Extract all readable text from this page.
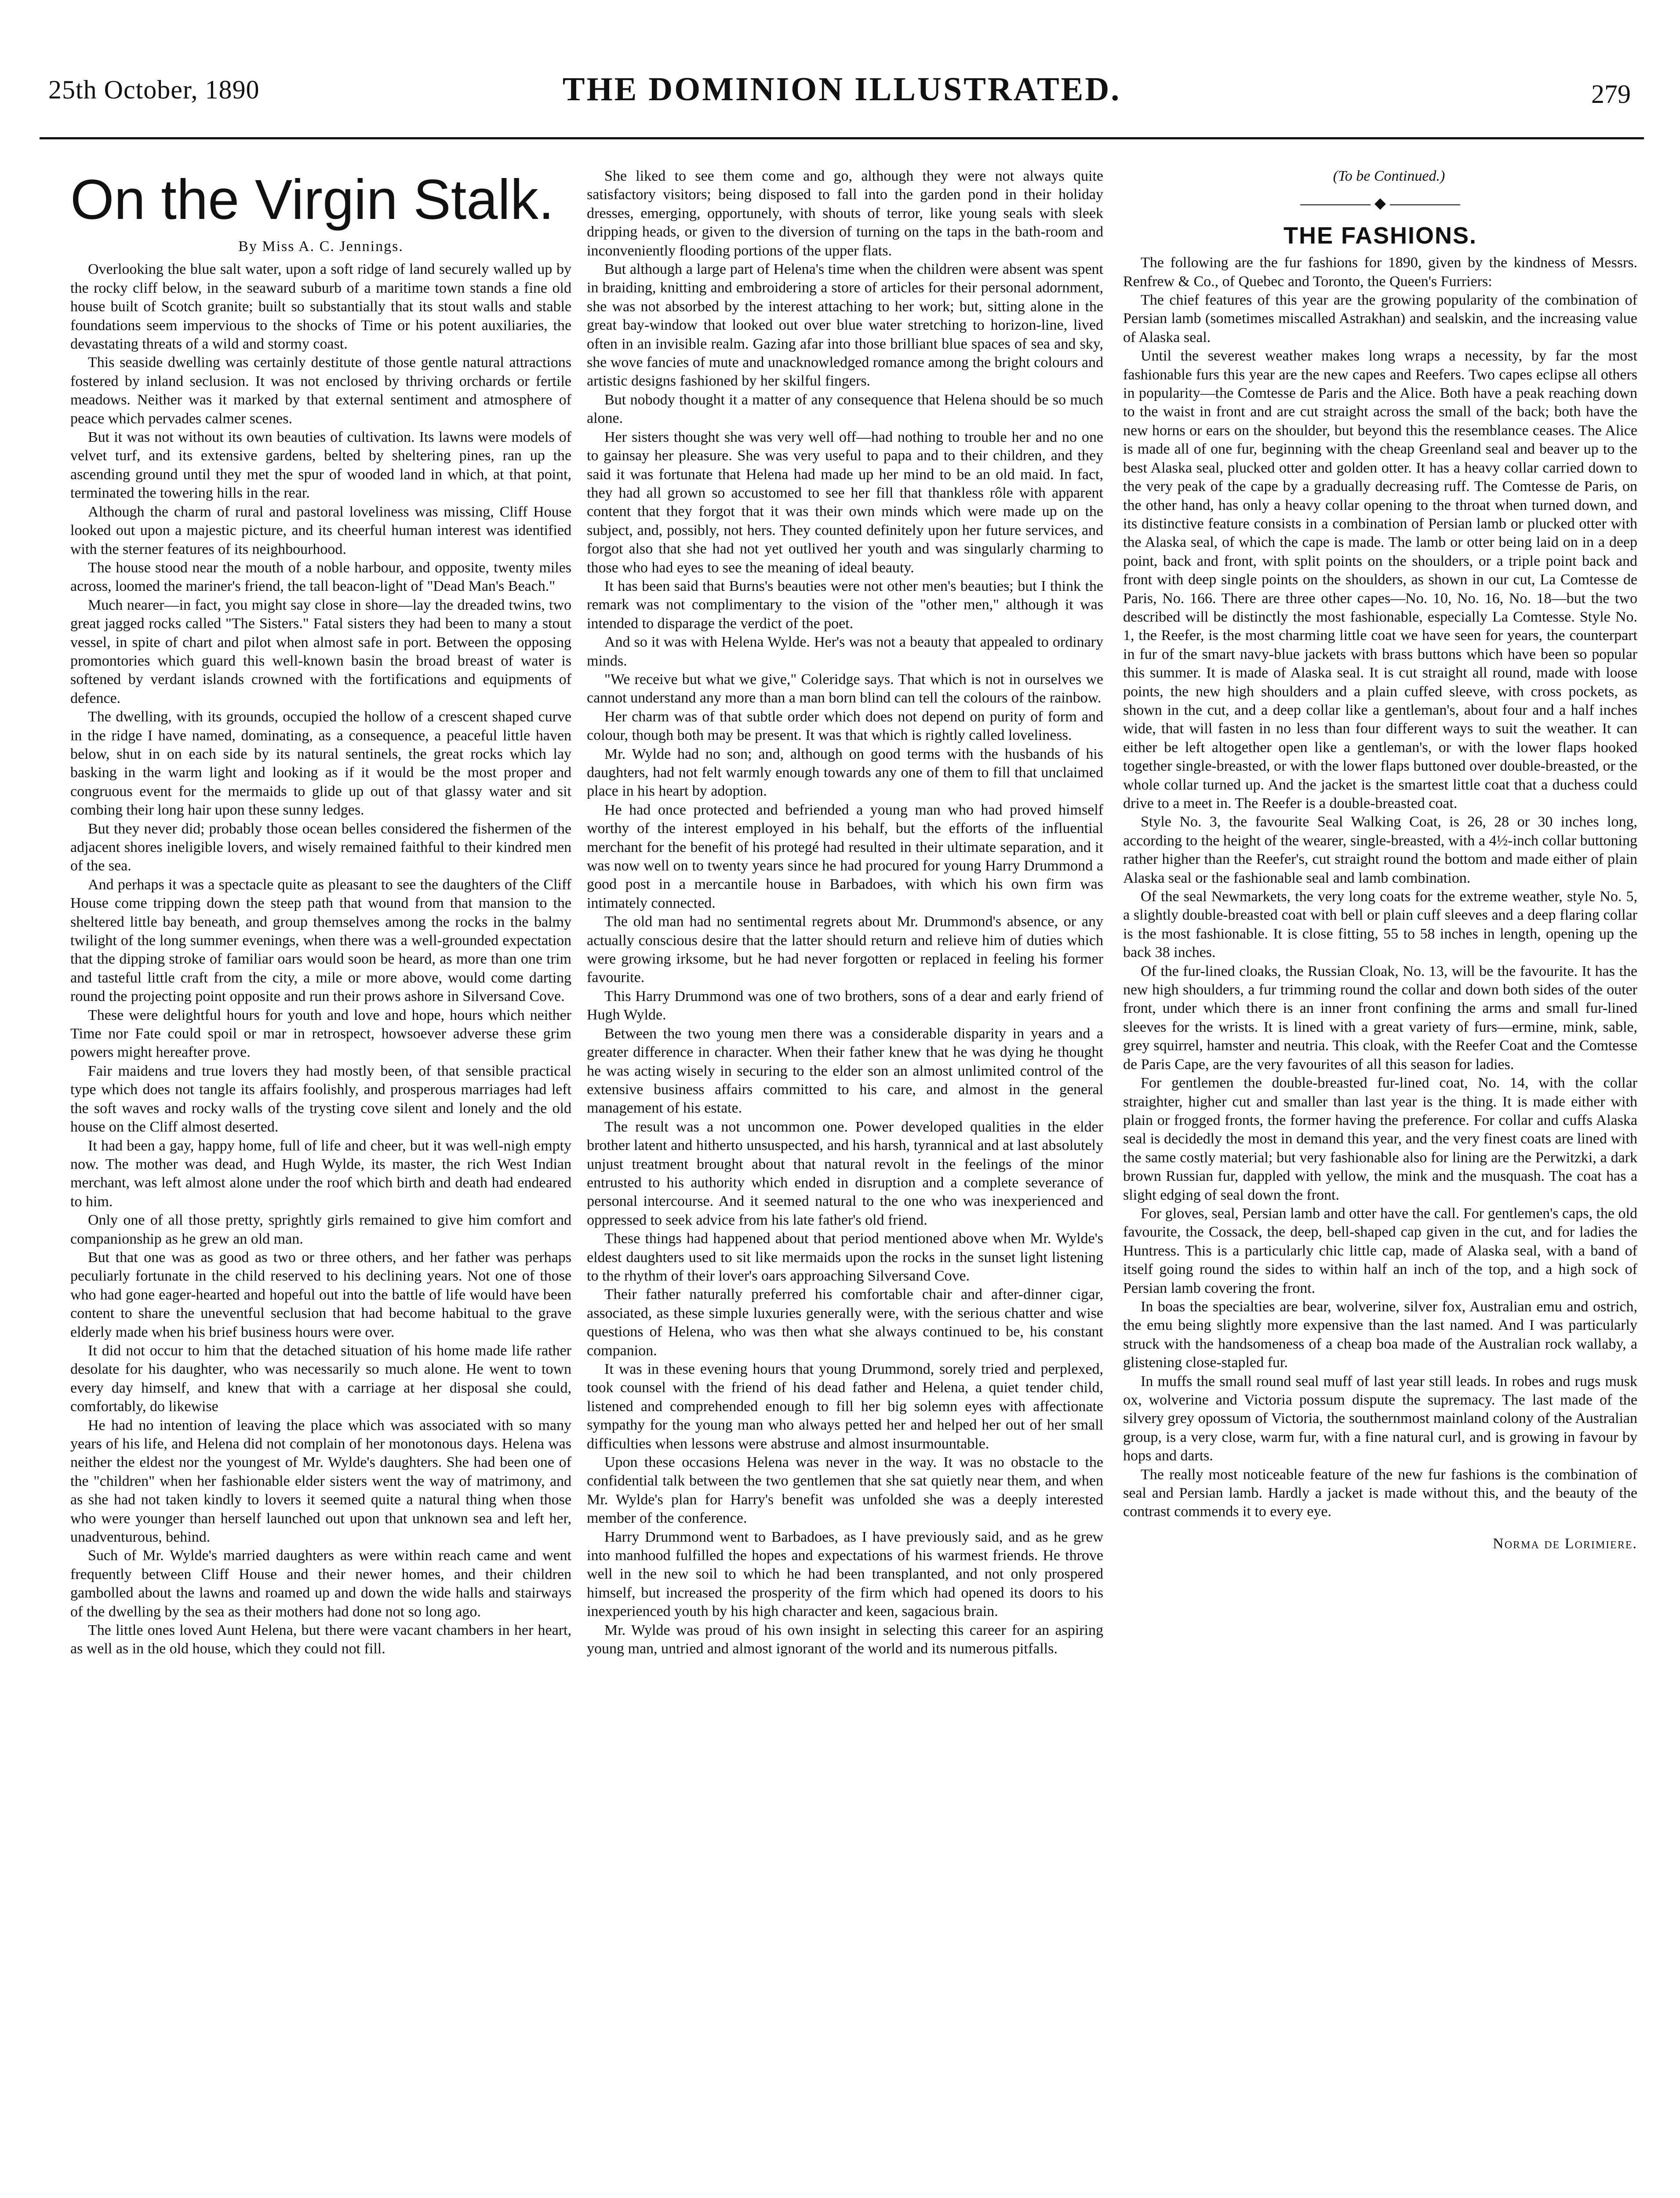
25th October, 1890	THE DOMINION ILLUSTRATED.	279
On the Virgin Stalk.
By Miss A. C. Jennings.

Overlooking the blue salt water, upon a soft ridge of land securely walled up by the rocky cliff below, in the seaward suburb of a maritime town stands a fine old house built of Scotch granite; built so substantially that its stout walls and stable foundations seem impervious to the shocks of Time or his potent auxiliaries, the devastating threats of a wild and stormy coast.

This seaside dwelling was certainly destitute of those gentle natural attractions fostered by inland seclusion. It was not enclosed by thriving orchards or fertile meadows. Neither was it marked by that external sentiment and atmosphere of peace which pervades calmer scenes.

But it was not without its own beauties of cultivation. Its lawns were models of velvet turf, and its extensive gardens, belted by sheltering pines, ran up the ascending ground until they met the spur of wooded land in which, at that point, terminated the towering hills in the rear.

Although the charm of rural and pastoral loveliness was missing, Cliff House looked out upon a majestic picture, and its cheerful human interest was identified with the sterner features of its neighbourhood.

The house stood near the mouth of a noble harbour, and opposite, twenty miles across, loomed the mariner's friend, the tall beacon-light of "Dead Man's Beach."

Much nearer—in fact, you might say close in shore—lay the dreaded twins, two great jagged rocks called "The Sisters." Fatal sisters they had been to many a stout vessel, in spite of chart and pilot when almost safe in port. Between the opposing promontories which guard this well-known basin the broad breast of water is softened by verdant islands crowned with the fortifications and equipments of defence.

The dwelling, with its grounds, occupied the hollow of a crescent shaped curve in the ridge I have named, dominating, as a consequence, a peaceful little haven below, shut in on each side by its natural sentinels, the great rocks which lay basking in the warm light and looking as if it would be the most proper and congruous event for the mermaids to glide up out of that glassy water and sit combing their long hair upon these sunny ledges.

But they never did; probably those ocean belles considered the fishermen of the adjacent shores ineligible lovers, and wisely remained faithful to their kindred men of the sea.

And perhaps it was a spectacle quite as pleasant to see the daughters of the Cliff House come tripping down the steep path that wound from that mansion to the sheltered little bay beneath, and group themselves among the rocks in the balmy twilight of the long summer evenings, when there was a well-grounded expectation that the dipping stroke of familiar oars would soon be heard, as more than one trim and tasteful little craft from the city, a mile or more above, would come darting round the projecting point opposite and run their prows ashore in Silversand Cove.

These were delightful hours for youth and love and hope, hours which neither Time nor Fate could spoil or mar in retrospect, howsoever adverse these grim powers might hereafter prove.

Fair maidens and true lovers they had mostly been, of that sensible practical type which does not tangle its affairs foolishly, and prosperous marriages had left the soft waves and rocky walls of the trysting cove silent and lonely and the old house on the Cliff almost deserted.

It had been a gay, happy home, full of life and cheer, but it was well-nigh empty now. The mother was dead, and Hugh Wylde, its master, the rich West Indian merchant, was left almost alone under the roof which birth and death had endeared to him.

Only one of all those pretty, sprightly girls remained to give him comfort and companionship as he grew an old man.

But that one was as good as two or three others, and her father was perhaps peculiarly fortunate in the child reserved to his declining years. Not one of those who had gone eager-hearted and hopeful out into the battle of life would have been content to share the uneventful seclusion that had become habitual to the grave elderly made when his brief business hours were over.

It did not occur to him that the detached situation of his home made life rather desolate for his daughter, who was necessarily so much alone. He went to town every day himself, and knew that with a carriage at her disposal she could, comfortably, do likewise

He had no intention of leaving the place which was associated with so many years of his life, and Helena did not complain of her monotonous days. Helena was neither the eldest nor the youngest of Mr. Wylde's daughters. She had been one of the "children" when her fashionable elder sisters went the way of matrimony, and as she had not taken kindly to lovers it seemed quite a natural thing when those who were younger than herself launched out upon that unknown sea and left her, unadventurous, behind.

Such of Mr. Wylde's married daughters as were within reach came and went frequently between Cliff House and their newer homes, and their children gambolled about the lawns and roamed up and down the wide halls and stairways of the dwelling by the sea as their mothers had done not so long ago.

The little ones loved Aunt Helena, but there were vacant chambers in her heart, as well as in the old house, which they could not fill.

She liked to see them come and go, although they were not always quite satisfactory visitors; being disposed to fall into the garden pond in their holiday dresses, emerging, opportunely, with shouts of terror, like young seals with sleek dripping heads, or given to the diversion of turning on the taps in the bath-room and inconveniently flooding portions of the upper flats.

But although a large part of Helena's time when the children were absent was spent in braiding, knitting and embroidering a store of articles for their personal adornment, she was not absorbed by the interest attaching to her work; but, sitting alone in the great bay-window that looked out over blue water stretching to horizon-line, lived often in an invisible realm. Gazing afar into those brilliant blue spaces of sea and sky, she wove fancies of mute and unacknowledged romance among the bright colours and artistic designs fashioned by her skilful fingers.

But nobody thought it a matter of any consequence that Helena should be so much alone.

Her sisters thought she was very well off—had nothing to trouble her and no one to gainsay her pleasure. She was very useful to papa and to their children, and they said it was fortunate that Helena had made up her mind to be an old maid. In fact, they had all grown so accustomed to see her fill that thankless rôle with apparent content that they forgot that it was their own minds which were made up on the subject, and, possibly, not hers. They counted definitely upon her future services, and forgot also that she had not yet outlived her youth and was singularly charming to those who had eyes to see the meaning of ideal beauty.

It has been said that Burns's beauties were not other men's beauties; but I think the remark was not complimentary to the vision of the "other men," although it was intended to disparage the verdict of the poet.

And so it was with Helena Wylde. Her's was not a beauty that appealed to ordinary minds.

"We receive but what we give," Coleridge says. That which is not in ourselves we cannot understand any more than a man born blind can tell the colours of the rainbow.

Her charm was of that subtle order which does not depend on purity of form and colour, though both may be present. It was that which is rightly called loveliness.

Mr. Wylde had no son; and, although on good terms with the husbands of his daughters, had not felt warmly enough towards any one of them to fill that unclaimed place in his heart by adoption.

He had once protected and befriended a young man who had proved himself worthy of the interest employed in his behalf, but the efforts of the influential merchant for the benefit of his protegé had resulted in their ultimate separation, and it was now well on to twenty years since he had procured for young Harry Drummond a good post in a mercantile house in Barbadoes, with which his own firm was intimately connected.

The old man had no sentimental regrets about Mr. Drummond's absence, or any actually conscious desire that the latter should return and relieve him of duties which were growing irksome, but he had never forgotten or replaced in feeling his former favourite.

This Harry Drummond was one of two brothers, sons of a dear and early friend of Hugh Wylde.

Between the two young men there was a considerable disparity in years and a greater difference in character. When their father knew that he was dying he thought he was acting wisely in securing to the elder son an almost unlimited control of the extensive business affairs committed to his care, and almost in the general management of his estate.

The result was a not uncommon one. Power developed qualities in the elder brother latent and hitherto unsuspected, and his harsh, tyrannical and at last absolutely unjust treatment brought about that natural revolt in the feelings of the minor entrusted to his authority which ended in disruption and a complete severance of personal intercourse. And it seemed natural to the one who was inexperienced and oppressed to seek advice from his late father's old friend.

These things had happened about that period mentioned above when Mr. Wylde's eldest daughters used to sit like mermaids upon the rocks in the sunset light listening to the rhythm of their lover's oars approaching Silversand Cove.

Their father naturally preferred his comfortable chair and after-dinner cigar, associated, as these simple luxuries generally were, with the serious chatter and wise questions of Helena, who was then what she always continued to be, his constant companion.

It was in these evening hours that young Drummond, sorely tried and perplexed, took counsel with the friend of his dead father and Helena, a quiet tender child, listened and comprehended enough to fill her big solemn eyes with affectionate sympathy for the young man who always petted her and helped her out of her small difficulties when lessons were abstruse and almost insurmountable.

Upon these occasions Helena was never in the way. It was no obstacle to the confidential talk between the two gentlemen that she sat quietly near them, and when Mr. Wylde's plan for Harry's benefit was unfolded she was a deeply interested member of the conference.

Harry Drummond went to Barbadoes, as I have previously said, and as he grew into manhood fulfilled the hopes and expectations of his warmest friends. He throve well in the new soil to which he had been transplanted, and not only prospered himself, but increased the prosperity of the firm which had opened its doors to his inexperienced youth by his high character and keen, sagacious brain.

Mr. Wylde was proud of his own insight in selecting this career for an aspiring young man, untried and almost ignorant of the world and its numerous pitfalls.

(To be Continued.)

◆
THE FASHIONS.

The following are the fur fashions for 1890, given by the kindness of Messrs. Renfrew & Co., of Quebec and Toronto, the Queen's Furriers:

The chief features of this year are the growing popularity of the combination of Persian lamb (sometimes miscalled Astrakhan) and sealskin, and the increasing value of Alaska seal.

Until the severest weather makes long wraps a necessity, by far the most fashionable furs this year are the new capes and Reefers. Two capes eclipse all others in popularity—the Comtesse de Paris and the Alice. Both have a peak reaching down to the waist in front and are cut straight across the small of the back; both have the new horns or ears on the shoulder, but beyond this the resemblance ceases. The Alice is made all of one fur, beginning with the cheap Greenland seal and beaver up to the best Alaska seal, plucked otter and golden otter. It has a heavy collar carried down to the very peak of the cape by a gradually decreasing ruff. The Comtesse de Paris, on the other hand, has only a heavy collar opening to the throat when turned down, and its distinctive feature consists in a combination of Persian lamb or plucked otter with the Alaska seal, of which the cape is made. The lamb or otter being laid on in a deep point, back and front, with split points on the shoulders, or a triple point back and front with deep single points on the shoulders, as shown in our cut, La Comtesse de Paris, No. 166. There are three other capes—No. 10, No. 16, No. 18—but the two described will be distinctly the most fashionable, especially La Comtesse. Style No. 1, the Reefer, is the most charming little coat we have seen for years, the counterpart in fur of the smart navy-blue jackets with brass buttons which have been so popular this summer. It is made of Alaska seal. It is cut straight all round, made with loose points, the new high shoulders and a plain cuffed sleeve, with cross pockets, as shown in the cut, and a deep collar like a gentleman's, about four and a half inches wide, that will fasten in no less than four different ways to suit the weather. It can either be left altogether open like a gentleman's, or with the lower flaps hooked together single-breasted, or with the lower flaps buttoned over double-breasted, or the whole collar turned up. And the jacket is the smartest little coat that a duchess could drive to a meet in. The Reefer is a double-breasted coat.

Style No. 3, the favourite Seal Walking Coat, is 26, 28 or 30 inches long, according to the height of the wearer, single-breasted, with a 4½-inch collar buttoning rather higher than the Reefer's, cut straight round the bottom and made either of plain Alaska seal or the fashionable seal and lamb combination.

Of the seal Newmarkets, the very long coats for the extreme weather, style No. 5, a slightly double-breasted coat with bell or plain cuff sleeves and a deep flaring collar is the most fashionable. It is close fitting, 55 to 58 inches in length, opening up the back 38 inches.

Of the fur-lined cloaks, the Russian Cloak, No. 13, will be the favourite. It has the new high shoulders, a fur trimming round the collar and down both sides of the outer front, under which there is an inner front confining the arms and small fur-lined sleeves for the wrists. It is lined with a great variety of furs—ermine, mink, sable, grey squirrel, hamster and neutria. This cloak, with the Reefer Coat and the Comtesse de Paris Cape, are the very favourites of all this season for ladies.

For gentlemen the double-breasted fur-lined coat, No. 14, with the collar straighter, higher cut and smaller than last year is the thing. It is made either with plain or frogged fronts, the former having the preference. For collar and cuffs Alaska seal is decidedly the most in demand this year, and the very finest coats are lined with the same costly material; but very fashionable also for lining are the Perwitzki, a dark brown Russian fur, dappled with yellow, the mink and the musquash. The coat has a slight edging of seal down the front.

For gloves, seal, Persian lamb and otter have the call. For gentlemen's caps, the old favourite, the Cossack, the deep, bell-shaped cap given in the cut, and for ladies the Huntress. This is a particularly chic little cap, made of Alaska seal, with a band of itself going round the sides to within half an inch of the top, and a high sock of Persian lamb covering the front.

In boas the specialties are bear, wolverine, silver fox, Australian emu and ostrich, the emu being slightly more expensive than the last named. And I was particularly struck with the handsomeness of a cheap boa made of the Australian rock wallaby, a glistening close-stapled fur.

In muffs the small round seal muff of last year still leads. In robes and rugs musk ox, wolverine and Victoria possum dispute the supremacy. The last made of the silvery grey opossum of Victoria, the southernmost mainland colony of the Australian group, is a very close, warm fur, with a fine natural curl, and is growing in favour by hops and darts.

The really most noticeable feature of the new fur fashions is the combination of seal and Persian lamb. Hardly a jacket is made without this, and the beauty of the contrast commends it to every eye.

Norma de Lorimiere.
